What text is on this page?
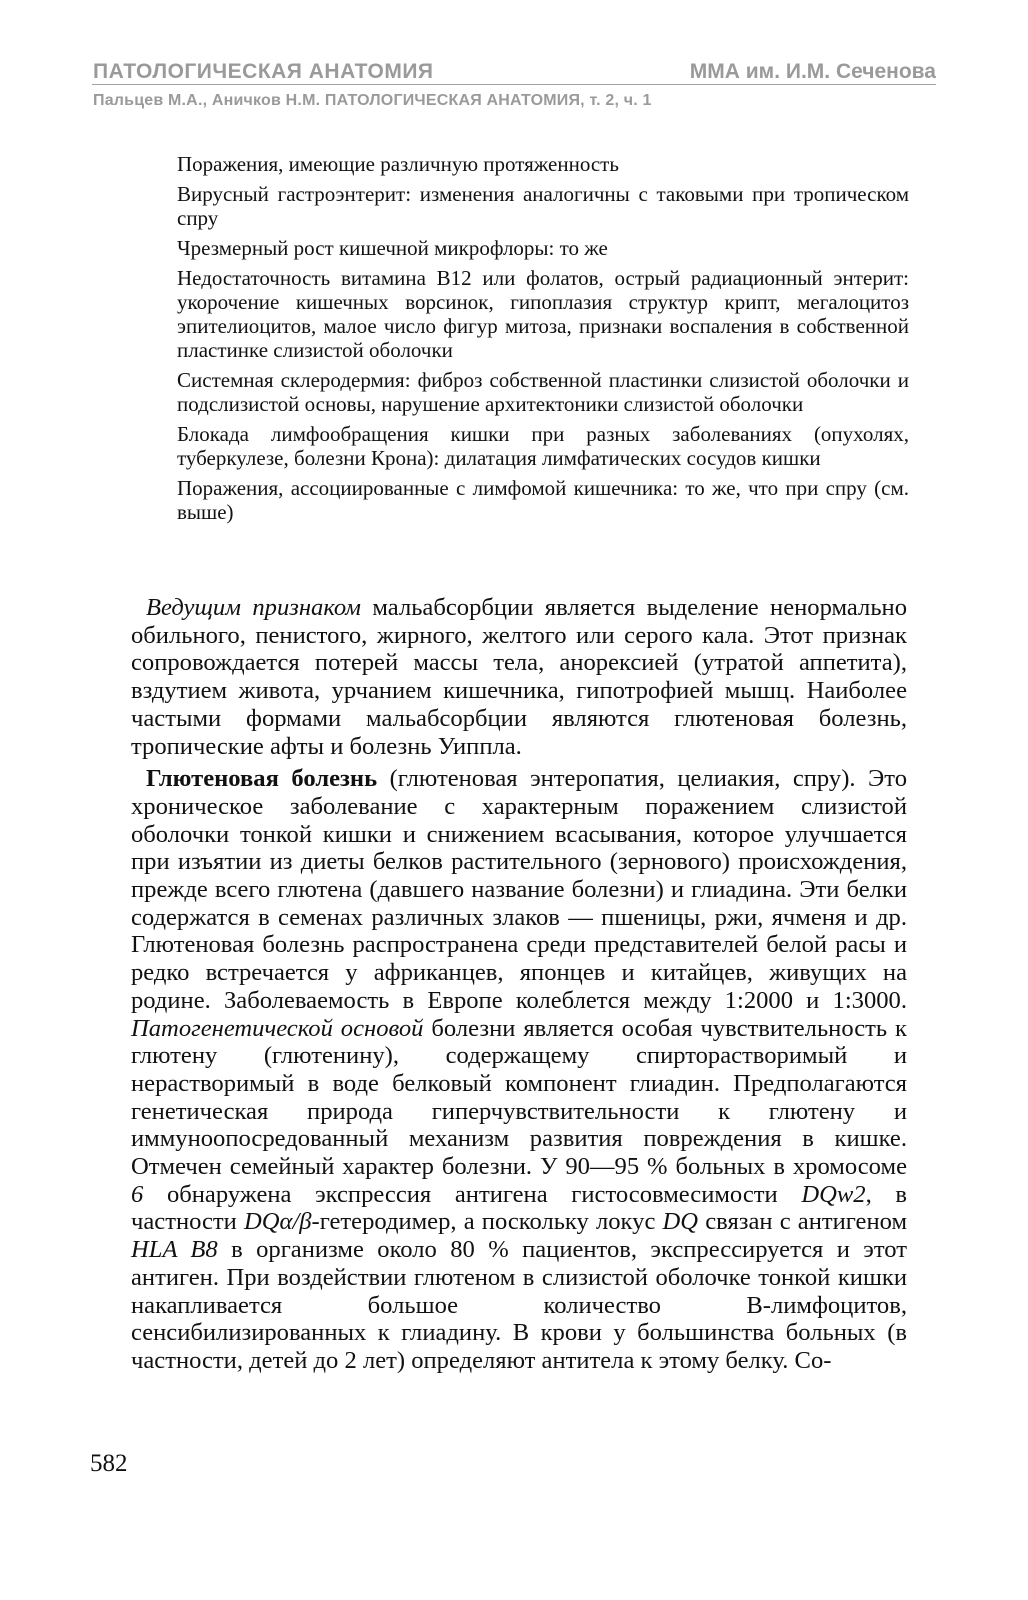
ПАТОЛОГИЧЕСКАЯ АНАТОМИЯ	ММА им. И.М. Сеченова
Пальцев М.А., Аничков Н.М. ПАТОЛОГИЧЕСКАЯ АНАТОМИЯ, т. 2, ч. 1

Поражения, имеющие различную протяженность

Вирусный гастроэнтерит: изменения аналогичны с таковыми при тропическом спру

Чрезмерный рост кишечной микрофлоры: то же

Недостаточность витамина B12 или фолатов, острый радиационный энтерит: укорочение кишечных ворсинок, гипоплазия структур крипт, мегалоцитоз эпителиоцитов, малое число фигур митоза, признаки воспаления в собственной пластинке слизистой оболочки

Системная склеродермия: фиброз собственной пластинки слизистой оболочки и подслизистой основы, нарушение архитектоники слизистой оболочки

Блокада лимфообращения кишки при разных заболеваниях (опухолях, туберкулезе, болезни Крона): дилатация лимфатических сосудов кишки

Поражения, ассоциированные с лимфомой кишечника: то же, что при спру (см. выше)

Ведущим признаком мальабсорбции является выделение ненормально обильного, пенистого, жирного, желтого или серого кала. Этот признак сопровождается потерей массы тела, анорексией (утратой аппетита), вздутием живота, урчанием кишечника, гипотрофией мышц. Наиболее частыми формами мальабсорбции являются глютеновая болезнь, тропические афты и болезнь Уиппла.

Глютеновая болезнь (глютеновая энтеропатия, целиакия, спру). Это хроническое заболевание с характерным поражением слизистой оболочки тонкой кишки и снижением всасывания, которое улучшается при изъятии из диеты белков растительного (зернового) происхождения, прежде всего глютена (давшего название болезни) и глиадина. Эти белки содержатся в семенах различных злаков — пшеницы, ржи, ячменя и др. Глютеновая болезнь распространена среди представителей белой расы и редко встречается у африканцев, японцев и китайцев, живущих на родине. Заболеваемость в Европе колеблется между 1:2000 и 1:3000. Патогенетической основой болезни является особая чувствительность к глютену (глютенину), содержащему спирторастворимый и нерастворимый в воде белковый компонент глиадин. Предполагаются генетическая природа гиперчувствительности к глютену и иммуноопосредованный механизм развития повреждения в кишке. Отмечен семейный характер болезни. У 90—95 % больных в хромосоме 6 обнаружена экспрессия антигена гистосовмесимости DQw2, в частности DQα/β-гетеродимер, а поскольку локус DQ связан с антигеном HLA B8 в организме около 80 % пациентов, экспрессируется и этот антиген. При воздействии глютеном в слизистой оболочке тонкой кишки накапливается большое количество B-лимфоцитов, сенсибилизированных к глиадину. В крови у большинства больных (в частности, детей до 2 лет) определяют антитела к этому белку. Со-

582
